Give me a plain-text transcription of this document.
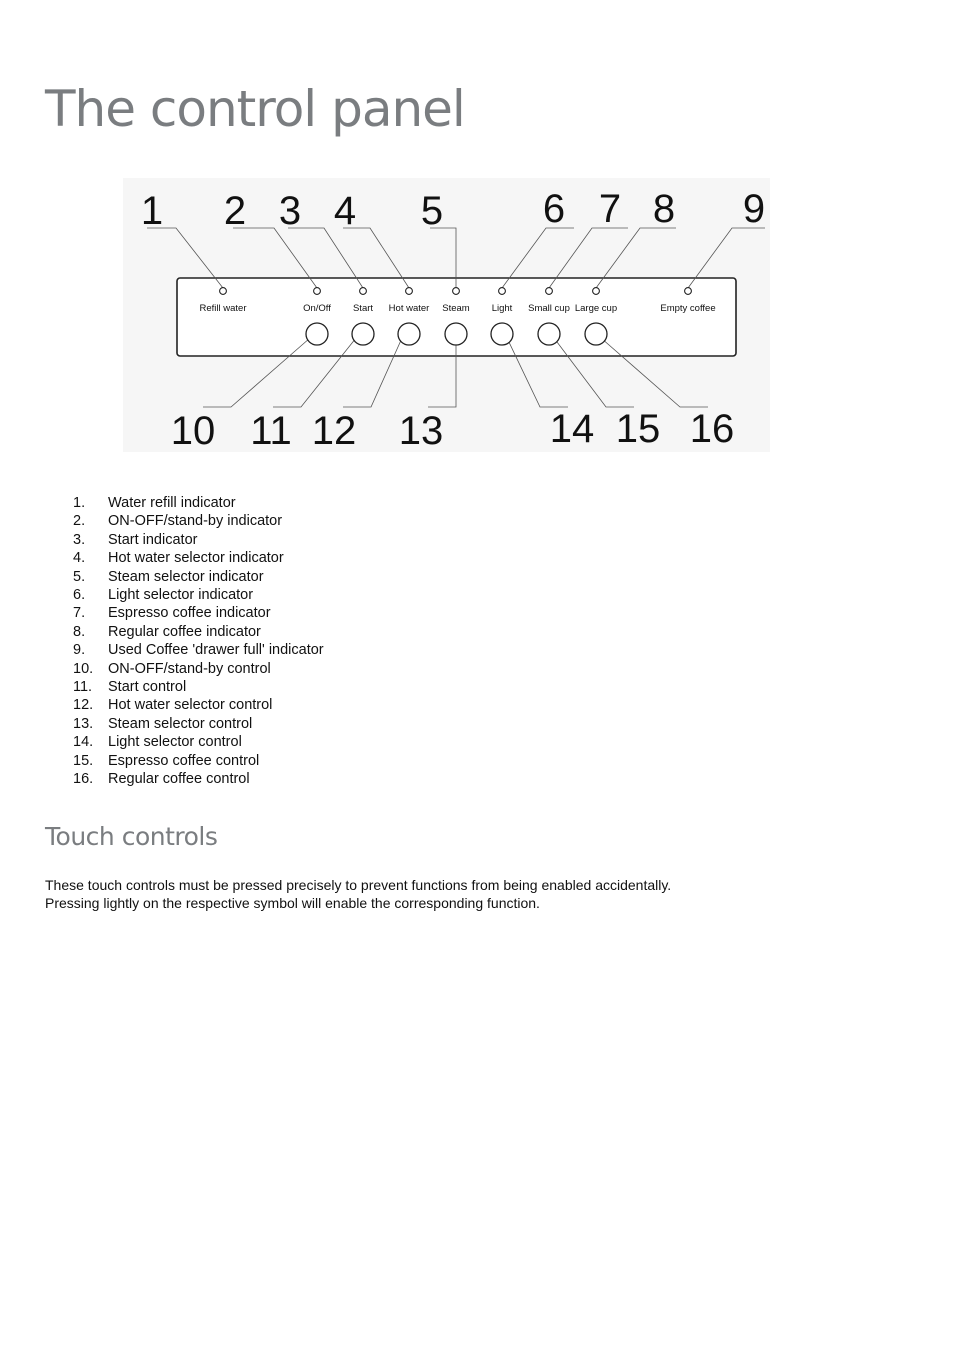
The control panel
Refill water	On/Off Start Hot water Steam Light Small cup Large cup	Empty coffee
1 2 3 4 5 6 7 8 9
10 11 12 13	14 15 16
1.	Water refill indicator
2.	ON-OFF/stand-by indicator
3.	Start indicator
4.	Hot water selector indicator
5.	Steam selector indicator
6.	Light selector indicator
7.	Espresso coffee indicator
8.	Regular coffee indicator
9.	Used Coffee 'drawer full' indicator
10.	ON-OFF/stand-by control
11.	Start control
12.	Hot water selector control
13.	Steam selector control
14.	Light selector control
15.	Espresso coffee control
16.	Regular coffee control
Touch controls

These touch controls must be pressed precisely to prevent functions from being enabled accidentally.
Pressing lightly on the respective symbol will enable the corresponding function.
